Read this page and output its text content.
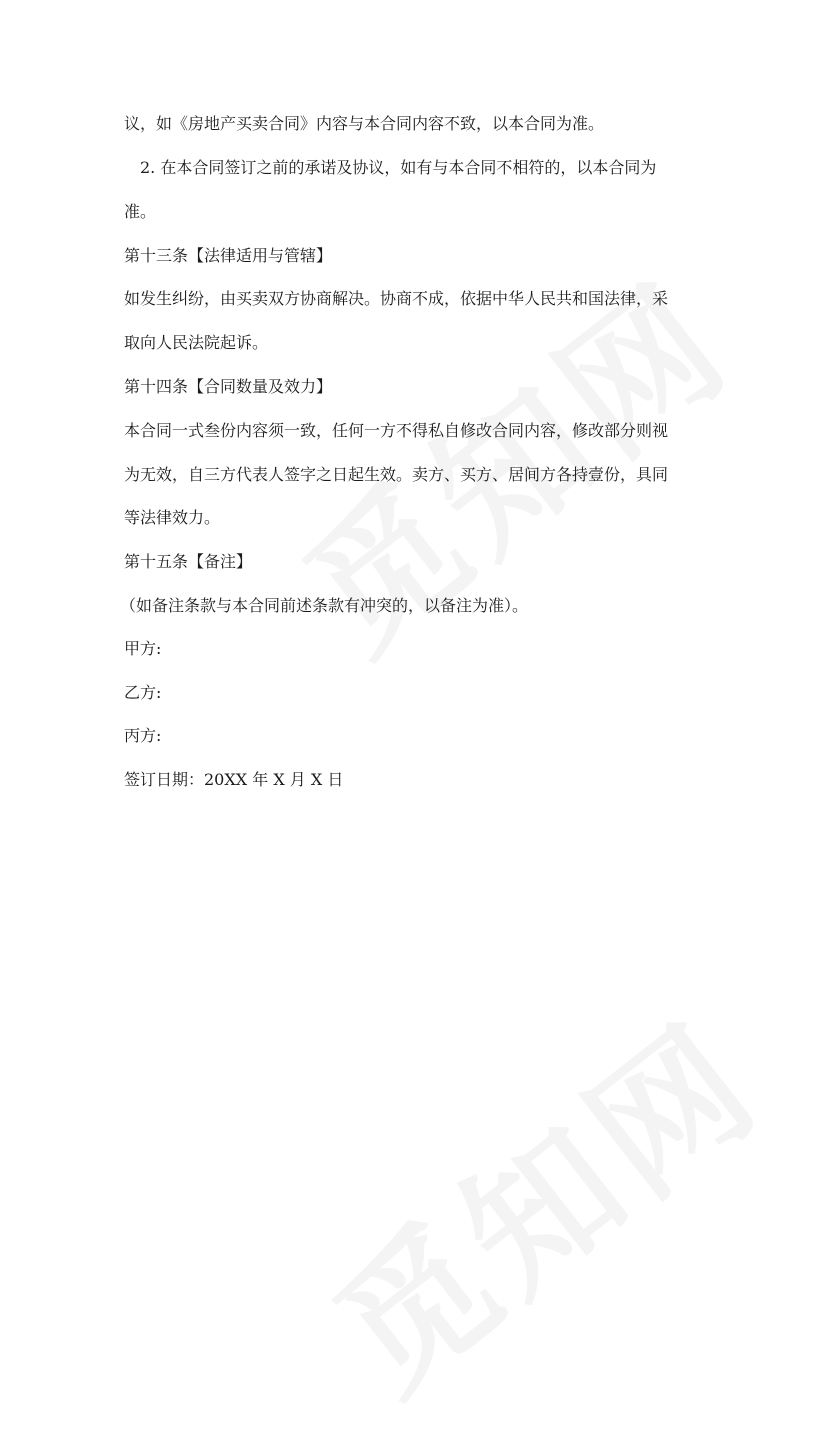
议，如《房地产买卖合同》内容与本合同内容不致，以本合同为准。
2. 在本合同签订之前的承诺及协议，如有与本合同不相符的，以本合同为
准。
第十三条【法律适用与管辖】
如发生纠纷，由买卖双方协商解决。协商不成，依据中华人民共和国法律，采
取向人民法院起诉。
第十四条【合同数量及效力】
本合同一式叁份内容须一致，任何一方不得私自修改合同内容，修改部分则视
为无效，自三方代表人签字之日起生效。卖方、买方、居间方各持壹份，具同
等法律效力。
第十五条【备注】
（如备注条款与本合同前述条款有冲突的，以备注为准）。
甲方:
乙方:
丙方:
签订日期：20XX 年 X 月 X 日
